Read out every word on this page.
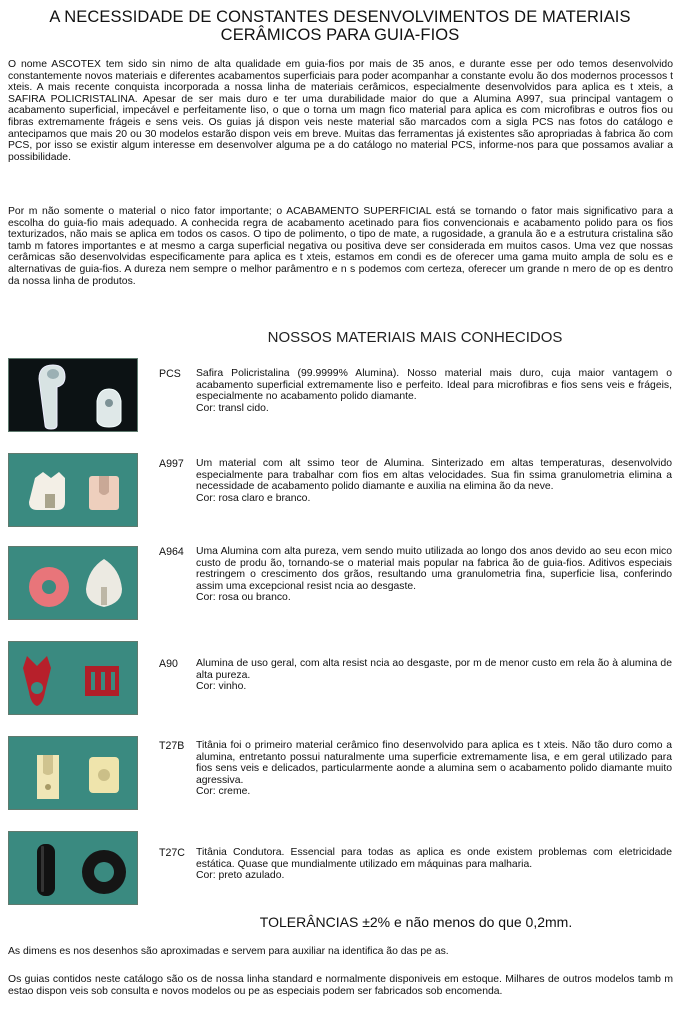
A NECESSIDADE DE CONSTANTES DESENVOLVIMENTOS DE MATERIAIS CERÂMICOS PARA GUIA-FIOS
O nome ASCOTEX tem sido sin nimo de alta qualidade em guia-fios por mais de 35 anos, e durante esse per odo temos desenvolvido constantemente novos materiais e diferentes acabamentos superficiais para poder acompanhar a constante evolu ão dos modernos processos t xteis. A mais recente conquista incorporada a nossa linha de materiais cerâmicos, especialmente desenvolvidos para aplica es t xteis, a SAFIRA POLICRISTALINA. Apesar de ser mais duro e ter uma durabilidade maior do que a Alumina A997, sua principal vantagem o acabamento superficial, impecável e perfeitamente liso, o que o torna um magn fico material para aplica es com microfibras e outros fios ou fibras extremamente frágeis e sens veis. Os guias já dispon veis neste material são marcados com a sigla PCS nas fotos do catálogo e antecipamos que mais 20 ou 30 modelos estarão dispon veis em breve. Muitas das ferramentas já existentes são apropriadas à fabrica ão com PCS, por isso se existir algum interesse em desenvolver alguma pe a do catálogo no material PCS, informe-nos para que possamos avaliar a possibilidade.
Por m não somente o material o nico fator importante; o ACABAMENTO SUPERFICIAL está se tornando o fator mais significativo para a escolha do guia-fio mais adequado. A conhecida regra de acabamento acetinado para fios convencionais e acabamento polido para os fios texturizados, não mais se aplica em todos os casos. O tipo de polimento, o tipo de mate, a rugosidade, a granula ão e a estrutura cristalina são tamb m fatores importantes e at mesmo a carga superficial negativa ou positiva deve ser considerada em muitos casos. Uma vez que nossas cerâmicas são desenvolvidas especificamente para aplica es t xteis, estamos em condi es de oferecer uma gama muito ampla de solu es e alternativas de guia-fios. A dureza nem sempre o melhor parâmentro e n s podemos com certeza, oferecer um grande n mero de op es dentro da nossa linha de produtos.
NOSSOS MATERIAIS MAIS CONHECIDOS
PCS Safira Policristalina (99.9999% Alumina). Nosso material mais duro, cuja maior vantagem o acabamento superficial extremamente liso e perfeito. Ideal para microfibras e fios sens veis e frágeis, especialmente no acabamento polido diamante.
Cor: transl cido.
A997 Um material com alt ssimo teor de Alumina. Sinterizado em altas temperaturas, desenvolvido especialmente para trabalhar com fios em altas velocidades. Sua fin ssima granulometria elimina a necessidade de acabamento polido diamante e auxilia na elimina ão da neve.
Cor: rosa claro e branco.
A964 Uma Alumina com alta pureza, vem sendo muito utilizada ao longo dos anos devido ao seu econ mico custo de produ ão, tornando-se o material mais popular na fabrica ão de guia-fios. Aditivos especiais restringem o crescimento dos grãos, resultando uma granulometria fina, superficie lisa, conferindo assim uma excepcional resist ncia ao desgaste.
Cor: rosa ou branco.
A90 Alumina de uso geral, com alta resist ncia ao desgaste, por m de menor custo em rela ão à alumina de alta pureza.
Cor: vinho.
T27B Titânia foi o primeiro material cerâmico fino desenvolvido para aplica es t xteis. Não tão duro como a alumina, entretanto possui naturalmente uma superficie extremamente lisa, e em geral utilizado para fios sens veis e delicados, particularmente aonde a alumina sem o acabamento polido diamante muito agressiva.
Cor: creme.
T27C Titânia Condutora. Essencial para todas as aplica es onde existem problemas com eletricidade estática. Quase que mundialmente utilizado em máquinas para malharia.
Cor: preto azulado.
TOLERÂNCIAS ±2% e não menos do que 0,2mm.
As dimens es nos desenhos são aproximadas e servem para auxiliar na identifica ão das pe as.
Os guias contidos neste catálogo são os de nossa linha standard e normalmente disponiveis em estoque. Milhares de outros modelos tamb m estao dispon veis sob consulta e novos modelos ou pe as especiais podem ser fabricados sob encomenda.
